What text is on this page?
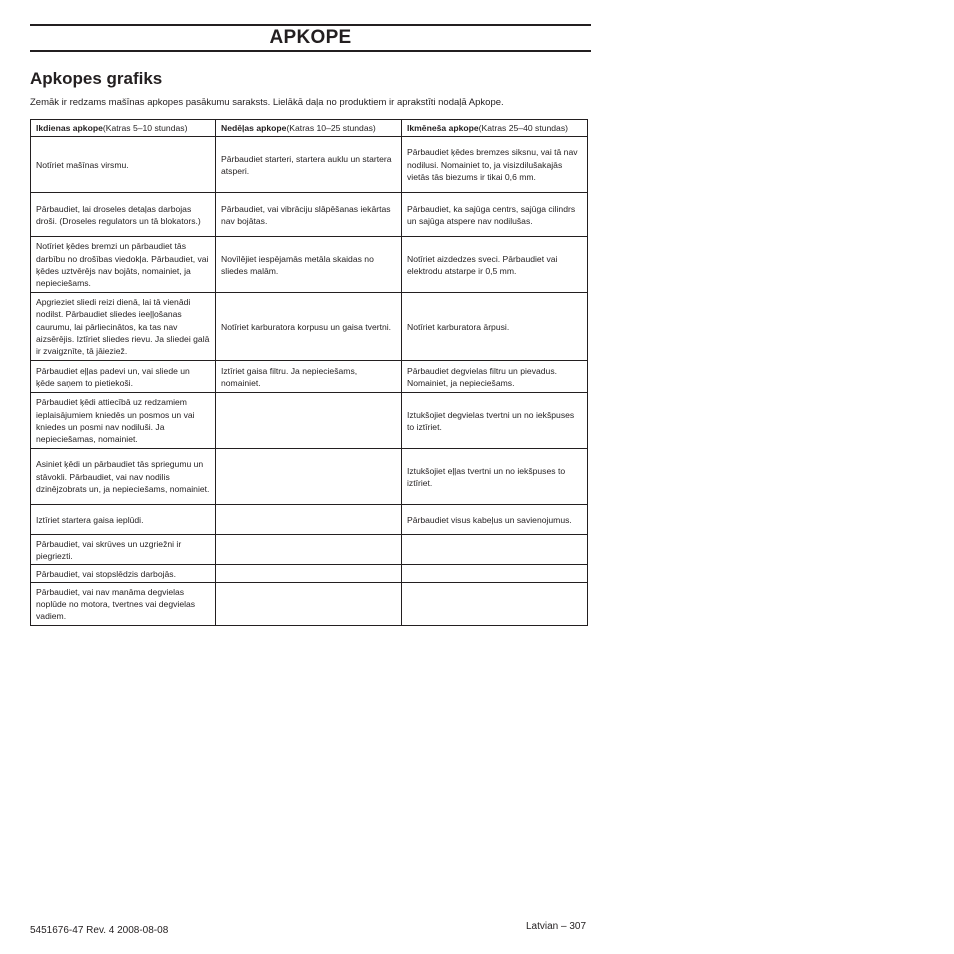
APKOPE
Apkopes grafiks

Zemāk ir redzams mašīnas apkopes pasākumu saraksts. Lielākā daļa no produktiem ir aprakstīti nodaļā Apkope.

Ikdienas apkope(Katras 5–10 stundas)	Nedēļas apkope(Katras 10–25 stundas)	Ikmēneša apkope(Katras 25–40 stundas)
Notīriet mašīnas virsmu.	Pārbaudiet starteri, startera auklu un startera atsperi.	Pārbaudiet ķēdes bremzes siksnu, vai tā nav nodilusi. Nomainiet to, ja visizdilušakajās vietās tās biezums ir tikai 0,6 mm.
Pārbaudiet, lai droseles detaļas darbojas droši. (Droseles regulators un tā blokators.)	Pārbaudiet, vai vibrāciju slāpēšanas iekārtas nav bojātas.	Pārbaudiet, ka sajūga centrs, sajūga cilindrs un sajūga atspere nav nodilušas.
Notīriet ķēdes bremzi un pārbaudiet tās darbību no drošības viedokļa. Pārbaudiet, vai ķēdes uztvērējs nav bojāts, nomainiet, ja nepieciešams.	Novīlējiet iespējamās metāla skaidas no sliedes malām.	Notīriet aizdedzes sveci. Pārbaudiet vai elektrodu atstarpe ir 0,5 mm.
Apgrieziet sliedi reizi dienā, lai tā vienādi nodilst. Pārbaudiet sliedes ieeļļošanas caurumu, lai pārliecinātos, ka tas nav aizsērējis. Iztīriet sliedes rievu. Ja sliedei galā ir zvaigznīte, tā jāieziež.	Notīriet karburatora korpusu un gaisa tvertni.	Notīriet karburatora ārpusi.
Pārbaudiet eļļas padevi un, vai sliede un ķēde saņem to pietiekoši.	Iztīriet gaisa filtru. Ja nepieciešams, nomainiet.	Pārbaudiet degvielas filtru un pievadus. Nomainiet, ja nepieciešams.
Pārbaudiet ķēdi attiecībā uz redzamiem ieplaisājumiem kniedēs un posmos un vai kniedes un posmi nav nodiluši. Ja nepieciešamas, nomainiet.		Iztukšojiet degvielas tvertni un no iekšpuses to iztīriet.
Asiniet ķēdi un pārbaudiet tās spriegumu un stāvokli. Pārbaudiet, vai nav nodilis dzinējzobrats un, ja nepieciešams, nomainiet.		Iztukšojiet eļļas tvertni un no iekšpuses to iztīriet.
Iztīriet startera gaisa ieplūdi.		Pārbaudiet visus kabeļus un savienojumus.
Pārbaudiet, vai skrūves un uzgriežni ir piegriezti.		
Pārbaudiet, vai stopslēdzis darbojās.		
Pārbaudiet, vai nav manāma degvielas noplūde no motora, tvertnes vai degvielas vadiem.		
5451676-47 Rev. 4 2008-08-08	Latvian – 307
